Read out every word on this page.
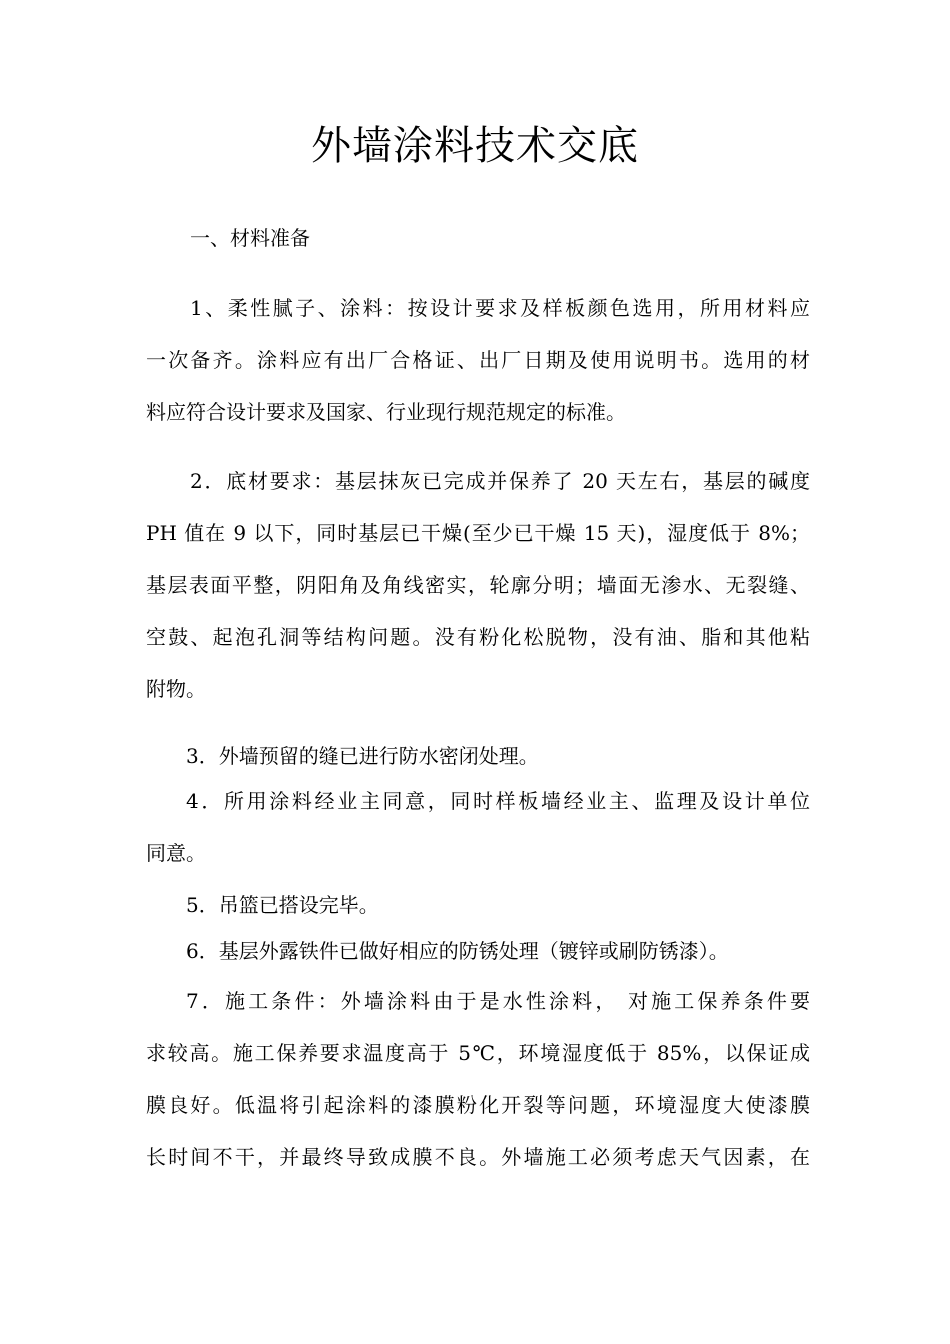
外墙涂料技术交底
一、材料准备
1、柔性腻子、涂料：按设计要求及样板颜色选用，所用材料应
一次备齐。涂料应有出厂合格证、出厂日期及使用说明书。选用的材
料应符合设计要求及国家、行业现行规范规定的标准。
2．底材要求：基层抹灰已完成并保养了 20 天左右，基层的碱度
PH 值在 9 以下，同时基层已干燥(至少已干燥 15 天)，湿度低于 8%；
基层表面平整，阴阳角及角线密实，轮廓分明；墙面无渗水、无裂缝、
空鼓、起泡孔洞等结构问题。没有粉化松脱物，没有油、脂和其他粘
附物。
3．外墙预留的缝已进行防水密闭处理。
4．所用涂料经业主同意，同时样板墙经业主、监理及设计单位
同意。
5．吊篮已搭设完毕。
6．基层外露铁件已做好相应的防锈处理（镀锌或刷防锈漆）。
7．施工条件：外墙涂料由于是水性涂料， 对施工保养条件要
求较高。施工保养要求温度高于 5℃，环境湿度低于 85%，以保证成
膜良好。低温将引起涂料的漆膜粉化开裂等问题，环境湿度大使漆膜
长时间不干，并最终导致成膜不良。外墙施工必须考虑天气因素，在
